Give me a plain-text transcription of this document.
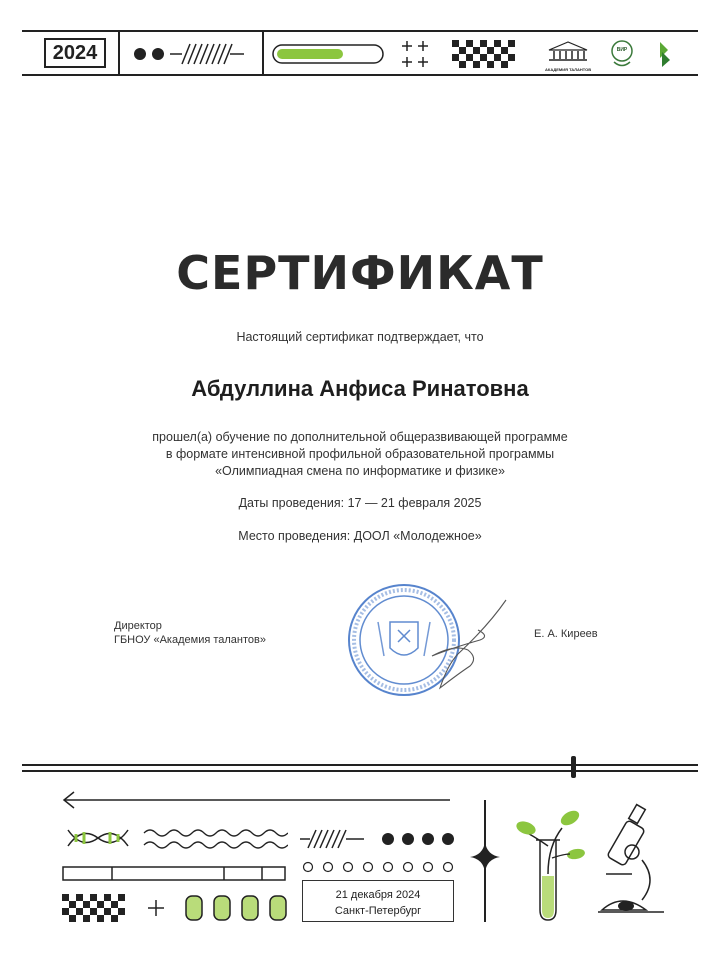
2024
АКАДЕМИЯ ТАЛАНТОВ
ВИР
СЕРТИФИКАТ
Настоящий сертификат подтверждает, что
Абдуллина Анфиса Ринатовна
прошел(а) обучение по дополнительной общеразвивающей программе
в формате интенсивной профильной образовательной программы
«Олимпиадная смена по информатике и физике»
Даты проведения: 17 — 21 февраля 2025
Место проведения: ДООЛ «Молодежное»
Директор
ГБНОУ «Академия талантов»	Е. А. Киреев
21 декабря 2024
Санкт-Петербург
